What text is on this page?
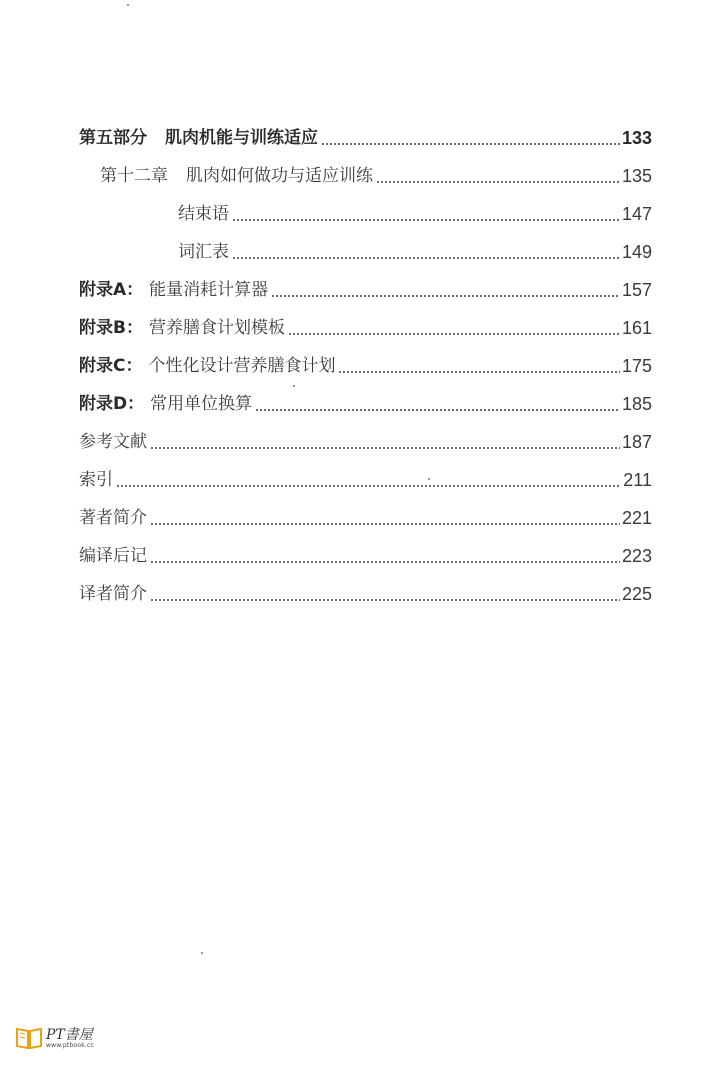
第五部分 肌肉机能与训练适应	133
第十二章 肌肉如何做功与适应训练	135
结束语	147
词汇表	149
附录A： 能量消耗计算器	157
附录B： 营养膳食计划模板	161
附录C： 个性化设计营养膳食计划	175
附录D： 常用单位换算	185
参考文献	187
索引	211
著者简介	221
编译后记	223
译者简介	225
PT書屋
www.ptbook.cc
